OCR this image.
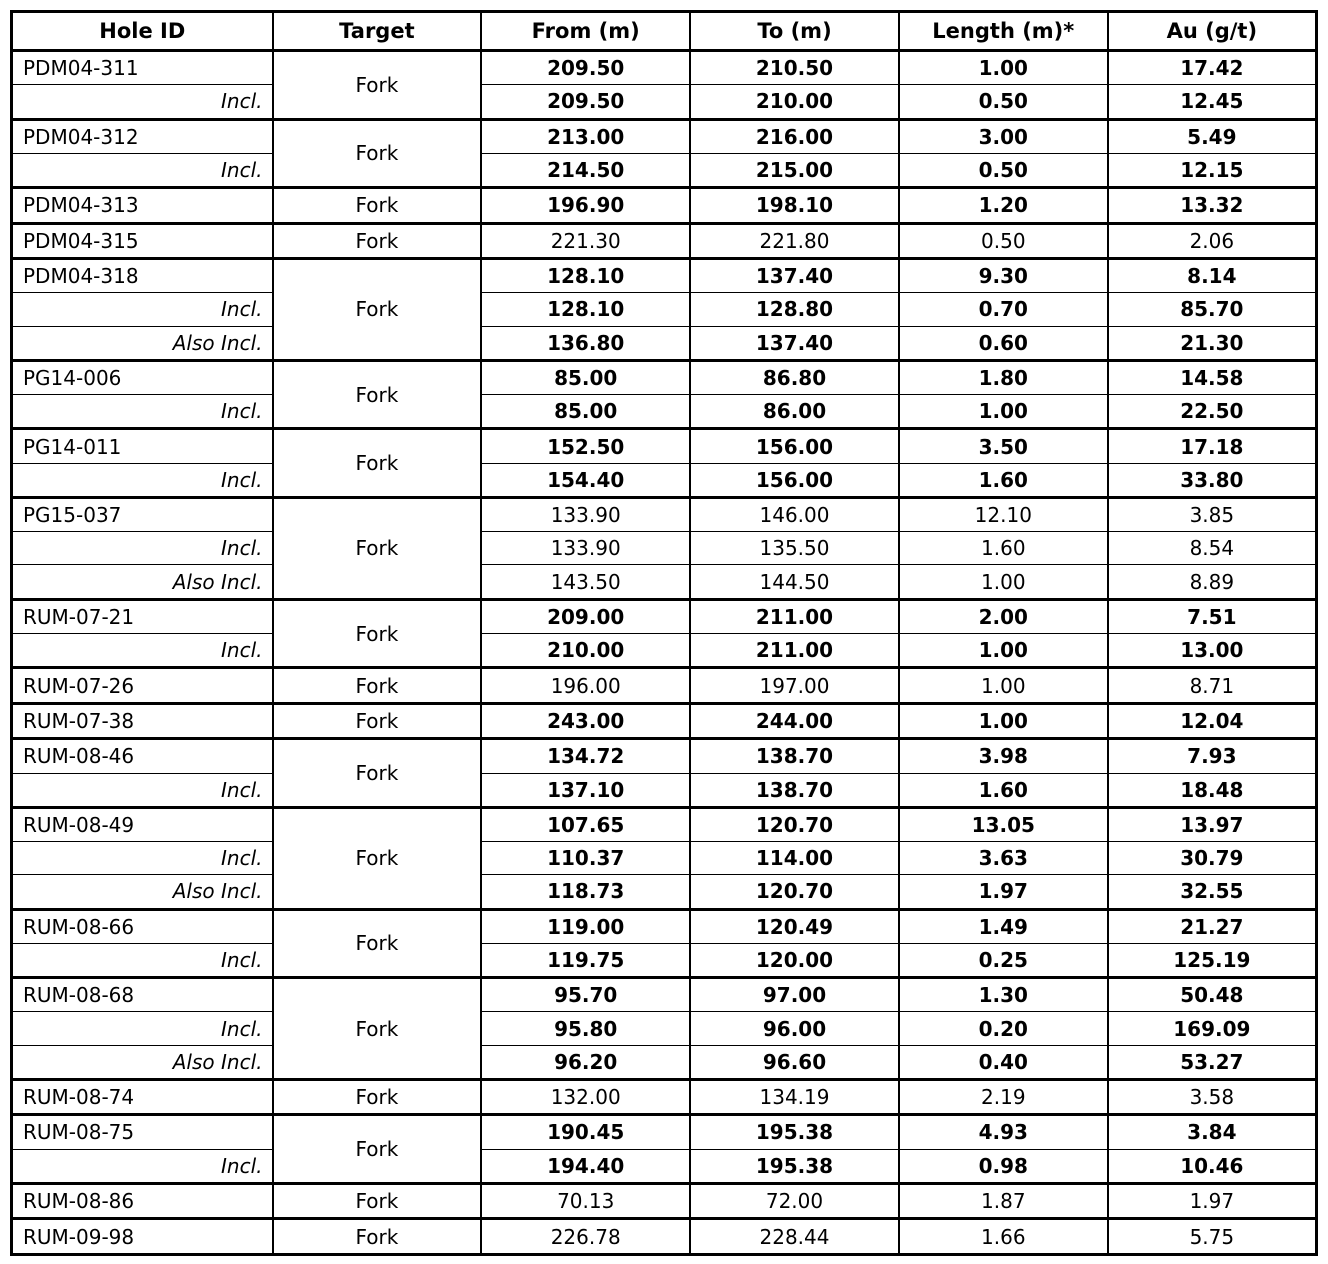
Hole ID	Target	From (m)	To (m)	Length (m)*	Au (g/t)
PDM04-311	Fork	209.50	210.50	1.00	17.42
Incl.		209.50	210.00	0.50	12.45
PDM04-312	Fork	213.00	216.00	3.00	5.49
Incl.		214.50	215.00	0.50	12.15
PDM04-313	Fork	196.90	198.10	1.20	13.32
PDM04-315	Fork	221.30	221.80	0.50	2.06
PDM04-318	Fork	128.10	137.40	9.30	8.14
Incl.		128.10	128.80	0.70	85.70
Also Incl.		136.80	137.40	0.60	21.30
PG14-006	Fork	85.00	86.80	1.80	14.58
Incl.		85.00	86.00	1.00	22.50
PG14-011	Fork	152.50	156.00	3.50	17.18
Incl.		154.40	156.00	1.60	33.80
PG15-037	Fork	133.90	146.00	12.10	3.85
Incl.		133.90	135.50	1.60	8.54
Also Incl.		143.50	144.50	1.00	8.89
RUM-07-21	Fork	209.00	211.00	2.00	7.51
Incl.		210.00	211.00	1.00	13.00
RUM-07-26	Fork	196.00	197.00	1.00	8.71
RUM-07-38	Fork	243.00	244.00	1.00	12.04
RUM-08-46	Fork	134.72	138.70	3.98	7.93
Incl.		137.10	138.70	1.60	18.48
RUM-08-49	Fork	107.65	120.70	13.05	13.97
Incl.		110.37	114.00	3.63	30.79
Also Incl.		118.73	120.70	1.97	32.55
RUM-08-66	Fork	119.00	120.49	1.49	21.27
Incl.		119.75	120.00	0.25	125.19
RUM-08-68	Fork	95.70	97.00	1.30	50.48
Incl.		95.80	96.00	0.20	169.09
Also Incl.		96.20	96.60	0.40	53.27
RUM-08-74	Fork	132.00	134.19	2.19	3.58
RUM-08-75	Fork	190.45	195.38	4.93	3.84
Incl.		194.40	195.38	0.98	10.46
RUM-08-86	Fork	70.13	72.00	1.87	1.97
RUM-09-98	Fork	226.78	228.44	1.66	5.75
